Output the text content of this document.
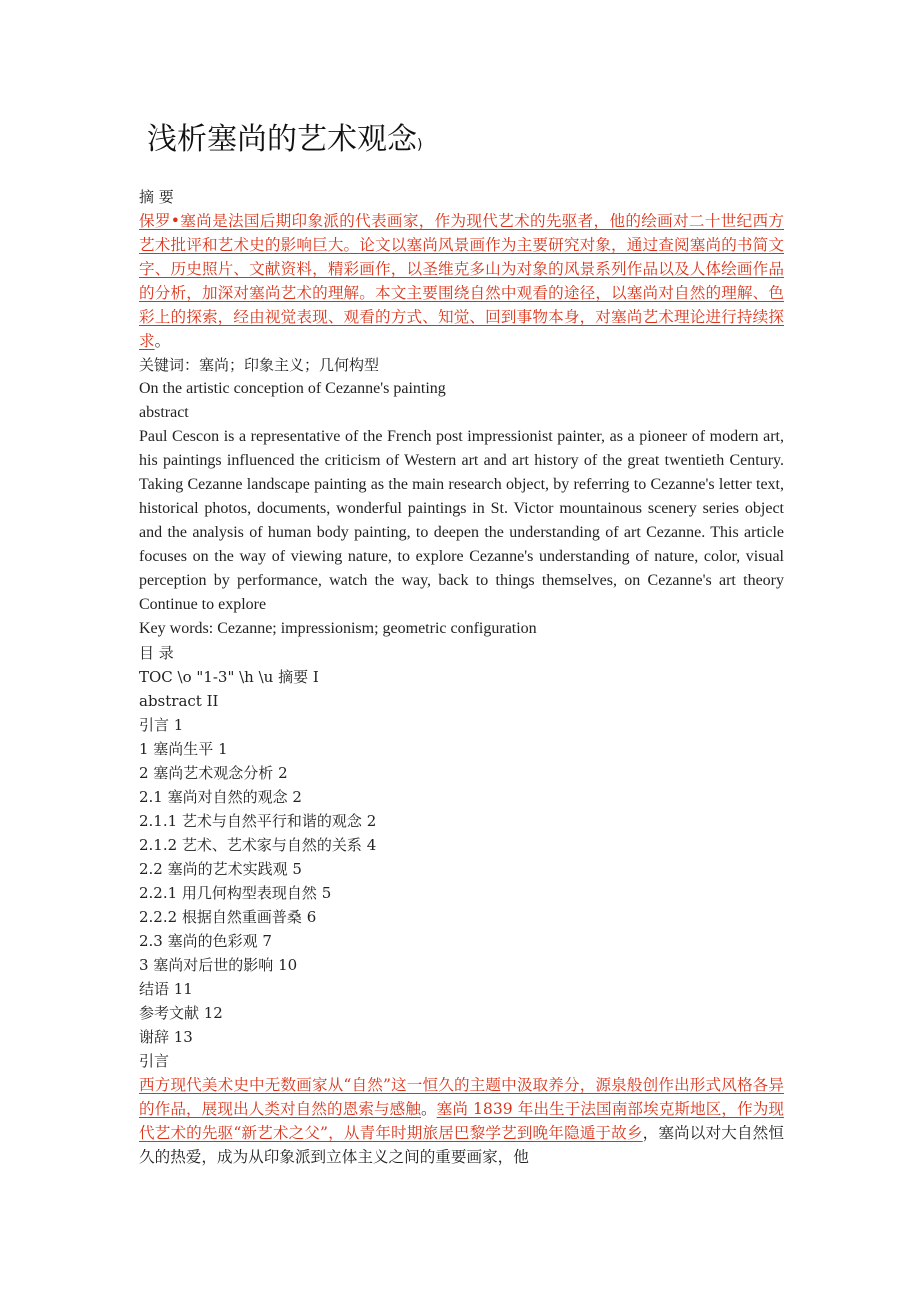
浅析塞尚的艺术观念)
摘 要
保罗•塞尚是法国后期印象派的代表画家，作为现代艺术的先驱者，他的绘画对二十世纪西方艺术批评和艺术史的影响巨大。论文以塞尚风景画作为主要研究对象，通过查阅塞尚的书简文字、历史照片、文献资料，精彩画作，以圣维克多山为对象的风景系列作品以及人体绘画作品的分析，加深对塞尚艺术的理解。本文主要围绕自然中观看的途径，以塞尚对自然的理解、色彩上的探索，经由视觉表现、观看的方式、知觉、回到事物本身，对塞尚艺术理论进行持续探求。
关键词：塞尚；印象主义；几何构型
On the artistic conception of Cezanne's painting
abstract
Paul Cescon is a representative of the French post impressionist painter, as a pioneer of modern art, his paintings influenced the criticism of Western art and art history of the great twentieth Century. Taking Cezanne landscape painting as the main research object, by referring to Cezanne's letter text, historical photos, documents, wonderful paintings in St. Victor mountainous scenery series object and the analysis of human body painting, to deepen the understanding of art Cezanne. This article focuses on the way of viewing nature, to explore Cezanne's understanding of nature, color, visual perception by performance, watch the way, back to things themselves, on Cezanne's art theory Continue to explore
Key words: Cezanne; impressionism; geometric configuration
目 录
TOC \o "1-3" \h \u 摘要 I
abstract II
引言 1
1 塞尚生平 1
2 塞尚艺术观念分析 2
2.1 塞尚对自然的观念 2
2.1.1 艺术与自然平行和谐的观念 2
2.1.2 艺术、艺术家与自然的关系 4
2.2 塞尚的艺术实践观 5
2.2.1 用几何构型表现自然 5
2.2.2 根据自然重画普桑 6
2.3 塞尚的色彩观 7
3 塞尚对后世的影响 10
结语 11
参考文献 12
谢辞 13
引言
西方现代美术史中无数画家从“自然”这一恒久的主题中汲取养分，源泉般创作出形式风格各异的作品，展现出人类对自然的恩索与感触。塞尚 1839 年出生于法国南部埃克斯地区，作为现代艺术的先驱“新艺术之父”，从青年时期旅居巴黎学艺到晚年隐遁于故乡，塞尚以对大自然恒久的热爱，成为从印象派到立体主义之间的重要画家，他
